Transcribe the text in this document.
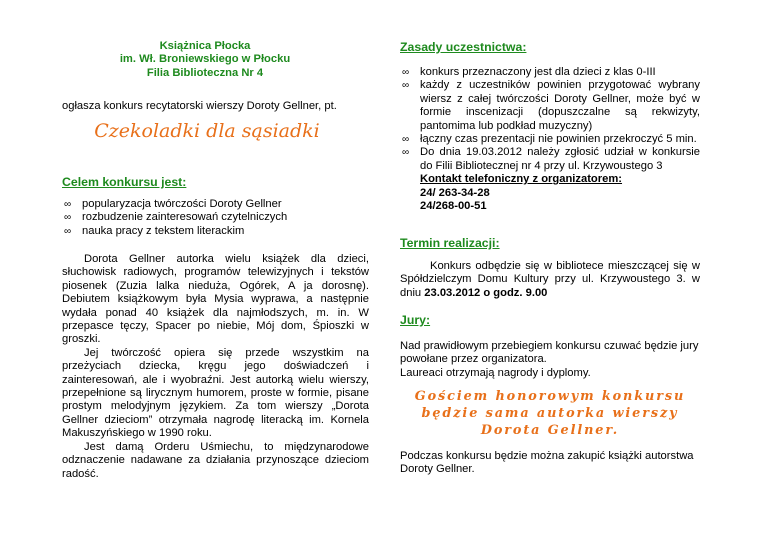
Książnica Płocka
im. Wł. Broniewskiego w Płocku
Filia Biblioteczna Nr 4
ogłasza konkurs recytatorski wierszy Doroty Gellner, pt.
Czekoladki dla sąsiadki
Celem konkursu jest:
∞ popularyzacja twórczości Doroty Gellner
∞ rozbudzenie zainteresowań czytelniczych
∞ nauka pracy z tekstem literackim

Dorota Gellner autorka wielu książek dla dzieci, słuchowisk radiowych, programów telewizyjnych i tekstów piosenek (Zuzia lalka nieduża, Ogórek, A ja dorosnę). Debiutem książkowym była Mysia wyprawa, a następnie wydała ponad 40 książek dla najmłodszych, m. in. W przepasce tęczy, Spacer po niebie, Mój dom, Śpioszki w groszki.

Jej twórczość opiera się przede wszystkim na przeżyciach dziecka, kręgu jego doświadczeń i zainteresowań, ale i wyobraźni. Jest autorką wielu wierszy, przepełnione są lirycznym humorem, proste w formie, pisane prostym melodyjnym językiem. Za tom wierszy „Dorota Gellner dzieciom” otrzymała nagrodę literacką im. Kornela Makuszyńskiego w 1990 roku.

Jest damą Orderu Uśmiechu, to międzynarodowe odznaczenie nadawane za działania przynoszące dzieciom radość.

Zasady uczestnictwa:
∞ konkurs przeznaczony jest dla dzieci z klas 0-III
∞ każdy z uczestników powinien przygotować wybrany wiersz z całej twórczości Doroty Gellner, może być w formie inscenizacji (dopuszczalne są rekwizyty, pantomima lub podkład muzyczny)
∞ łączny czas prezentacji nie powinien przekroczyć 5 min.
∞ Do dnia 19.03.2012 należy zgłosić udział w konkursie do Filii Bibliotecznej nr 4 przy ul. Krzywoustego 3
Kontakt telefoniczny z organizatorem:
24/ 263-34-28
24/268-00-51
Termin realizacji:

Konkurs odbędzie się w bibliotece mieszczącej się w Spółdzielczym Domu Kultury przy ul. Krzywoustego 3. w dniu 23.03.2012 o godz. 9.00

Jury:
Nad prawidłowym przebiegiem konkursu czuwać będzie jury powołane przez organizatora.
Laureaci otrzymają nagrody i dyplomy.
Gościem honorowym konkursu
będzie sama autorka wierszy
Dorota Gellner.
Podczas konkursu będzie można zakupić książki autorstwa Doroty Gellner.
